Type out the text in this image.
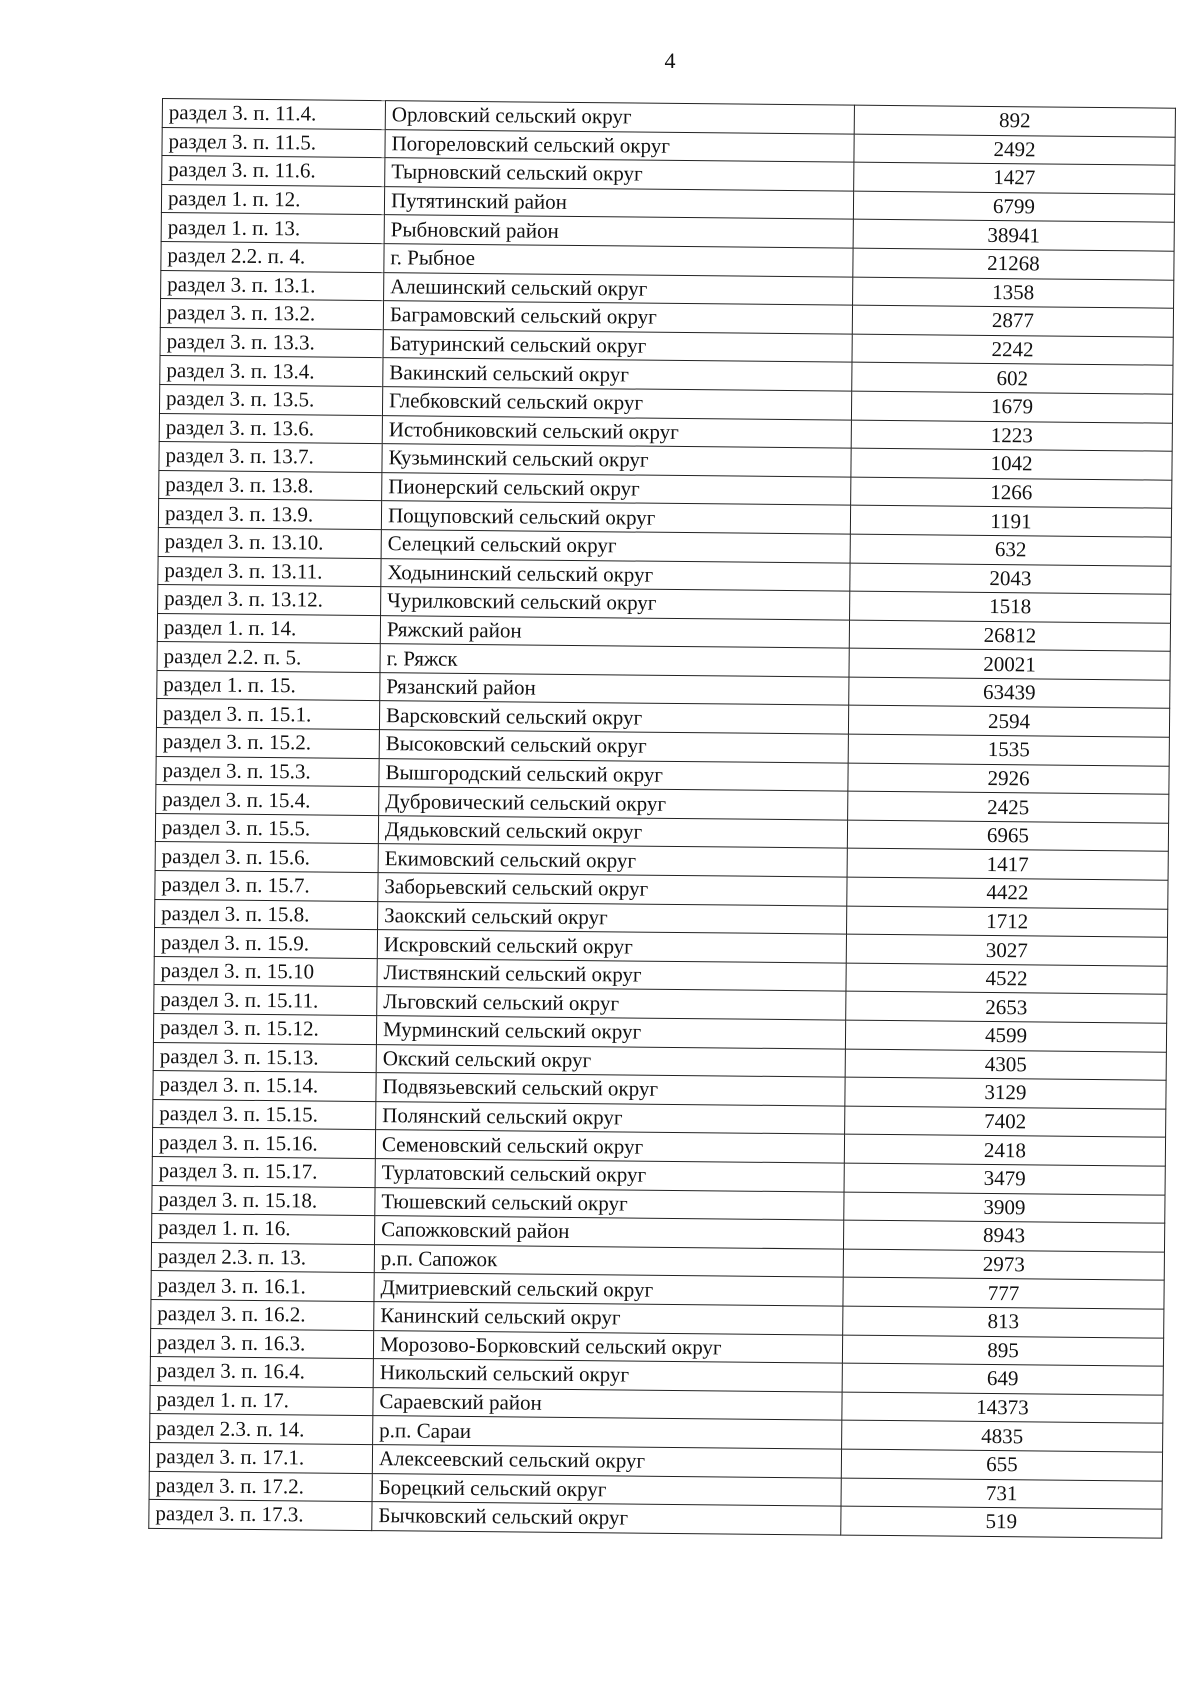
4
раздел 3. п. 11.4.	Орловский сельский округ	892
раздел 3. п. 11.5.	Погореловский сельский округ	2492
раздел 3. п. 11.6.	Тырновский сельский округ	1427
раздел 1. п. 12.	Путятинский район	6799
раздел 1. п. 13.	Рыбновский район	38941
раздел 2.2. п. 4.	г. Рыбное	21268
раздел 3. п. 13.1.	Алешинский сельский округ	1358
раздел 3. п. 13.2.	Баграмовский сельский округ	2877
раздел 3. п. 13.3.	Батуринский сельский округ	2242
раздел 3. п. 13.4.	Вакинский сельский округ	602
раздел 3. п. 13.5.	Глебковский сельский округ	1679
раздел 3. п. 13.6.	Истобниковский сельский округ	1223
раздел 3. п. 13.7.	Кузьминский сельский округ	1042
раздел 3. п. 13.8.	Пионерский сельский округ	1266
раздел 3. п. 13.9.	Пощуповский сельский округ	1191
раздел 3. п. 13.10.	Селецкий сельский округ	632
раздел 3. п. 13.11.	Ходынинский сельский округ	2043
раздел 3. п. 13.12.	Чурилковский сельский округ	1518
раздел 1. п. 14.	Ряжский район	26812
раздел 2.2. п. 5.	г. Ряжск	20021
раздел 1. п. 15.	Рязанский район	63439
раздел 3. п. 15.1.	Варсковский сельский округ	2594
раздел 3. п. 15.2.	Высоковский сельский округ	1535
раздел 3. п. 15.3.	Вышгородский сельский округ	2926
раздел 3. п. 15.4.	Дубровичеcкий сельский округ	2425
раздел 3. п. 15.5.	Дядьковский сельский округ	6965
раздел 3. п. 15.6.	Екимовский сельский округ	1417
раздел 3. п. 15.7.	Заборьевский сельский округ	4422
раздел 3. п. 15.8.	Заокский сельский округ	1712
раздел 3. п. 15.9.	Искровский сельский округ	3027
раздел 3. п. 15.10	Листвянский сельский округ	4522
раздел 3. п. 15.11.	Льговский сельский округ	2653
раздел 3. п. 15.12.	Мурминский сельский округ	4599
раздел 3. п. 15.13.	Окский сельский округ	4305
раздел 3. п. 15.14.	Подвязьевский сельский округ	3129
раздел 3. п. 15.15.	Полянский сельский округ	7402
раздел 3. п. 15.16.	Семеновский сельский округ	2418
раздел 3. п. 15.17.	Турлатовский сельский округ	3479
раздел 3. п. 15.18.	Тюшевский сельский округ	3909
раздел 1. п. 16.	Сапожковский район	8943
раздел 2.3. п. 13.	р.п. Сапожок	2973
раздел 3. п. 16.1.	Дмитриевский сельский округ	777
раздел 3. п. 16.2.	Канинский сельский округ	813
раздел 3. п. 16.3.	Морозово-Борковский сельский округ	895
раздел 3. п. 16.4.	Никольский сельский округ	649
раздел 1. п. 17.	Сараевский район	14373
раздел 2.3. п. 14.	р.п. Сараи	4835
раздел 3. п. 17.1.	Алексеевский сельский округ	655
раздел 3. п. 17.2.	Борецкий сельский округ	731
раздел 3. п. 17.3.	Бычковский сельский округ	519
